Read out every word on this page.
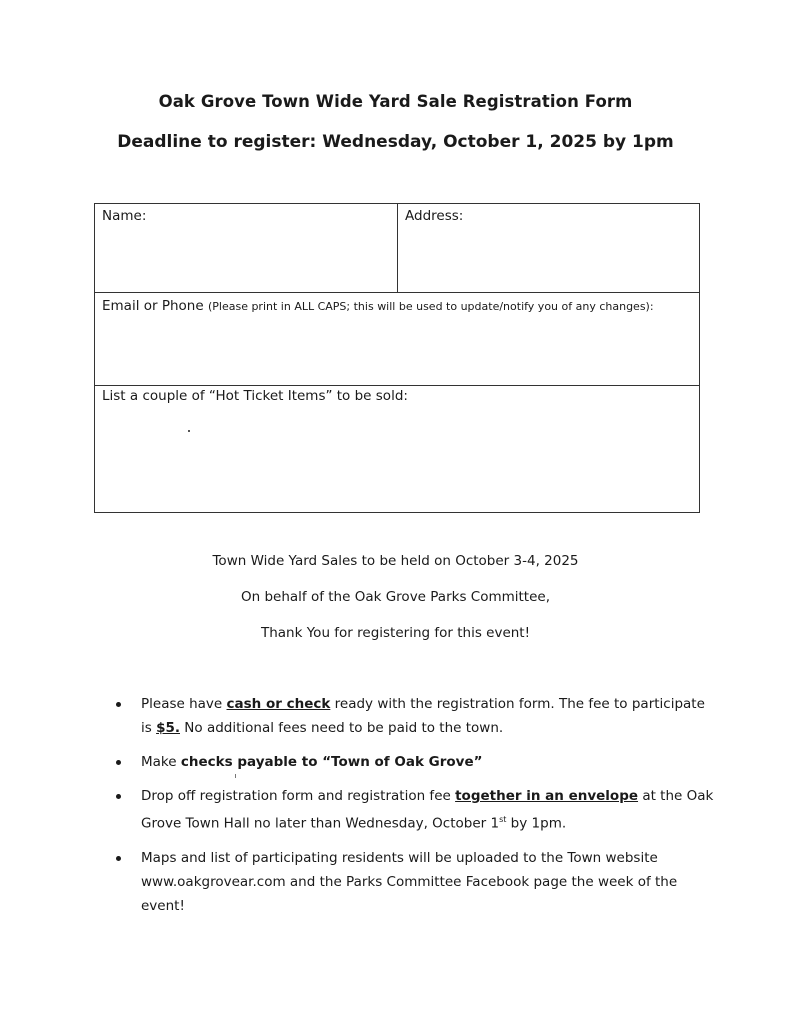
Oak Grove Town Wide Yard Sale Registration Form
Deadline to register: Wednesday, October 1, 2025 by 1pm
Name:	Address:
Email or Phone (Please print in ALL CAPS; this will be used to update/notify you of any changes):
List a couple of “Hot Ticket Items” to be sold:
Town Wide Yard Sales to be held on October 3-4, 2025
On behalf of the Oak Grove Parks Committee,
Thank You for registering for this event!
Please have cash or check ready with the registration form. The fee to participate is $5. No additional fees need to be paid to the town.
Make checks payable to “Town of Oak Grove”
Drop off registration form and registration fee together in an envelope at the Oak Grove Town Hall no later than Wednesday, October 1st by 1pm.
Maps and list of participating residents will be uploaded to the Town website www.oakgrovear.com and the Parks Committee Facebook page the week of the event!
